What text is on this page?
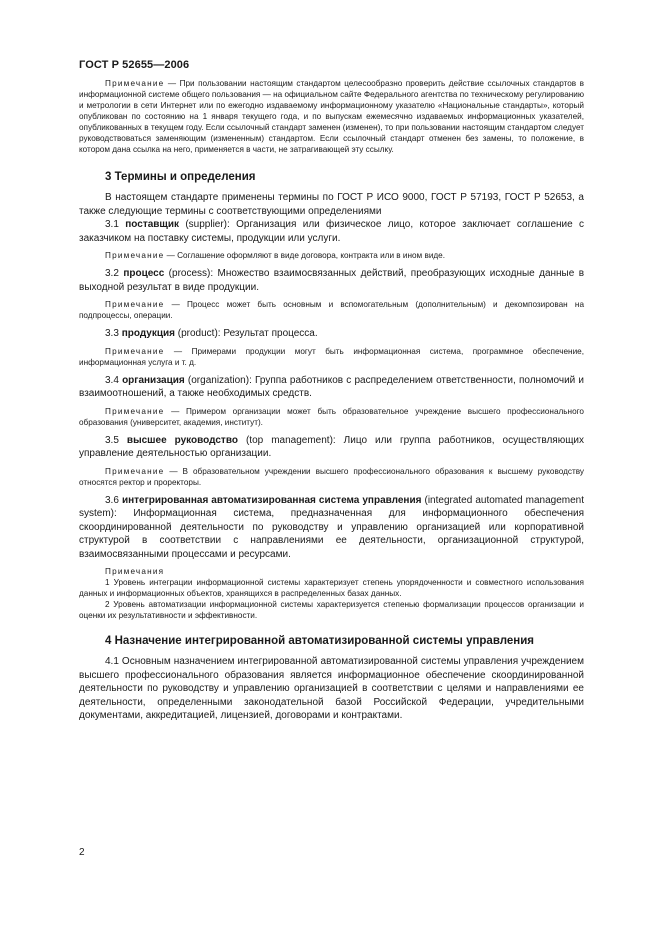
ГОСТ Р 52655—2006

Примечание — При пользовании настоящим стандартом целесообразно проверить действие ссылочных стандартов в информационной системе общего пользования — на официальном сайте Федерального агентства по техническому регулированию и метрологии в сети Интернет или по ежегодно издаваемому информационному указателю «Национальные стандарты», который опубликован по состоянию на 1 января текущего года, и по выпускам ежемесячно издаваемых информационных указателей, опубликованных в текущем году. Если ссылочный стандарт заменен (изменен), то при пользовании настоящим стандартом следует руководствоваться заменяющим (измененным) стандартом. Если ссылочный стандарт отменен без замены, то положение, в котором дана ссылка на него, применяется в части, не затрагивающей эту ссылку.

3 Термины и определения

В настоящем стандарте применены термины по ГОСТ Р ИСО 9000, ГОСТ Р 57193, ГОСТ Р 52653, а также следующие термины с соответствующими определениями

3.1 поставщик (supplier): Организация или физическое лицо, которое заключает соглашение с заказчиком на поставку системы, продукции или услуги.

Примечание — Соглашение оформляют в виде договора, контракта или в ином виде.

3.2 процесс (process): Множество взаимосвязанных действий, преобразующих исходные данные в выходной результат в виде продукции.

Примечание — Процесс может быть основным и вспомогательным (дополнительным) и декомпозирован на подпроцессы, операции.

3.3 продукция (product): Результат процесса.

Примечание — Примерами продукции могут быть информационная система, программное обеспечение, информационная услуга и т. д.

3.4 организация (organization): Группа работников с распределением ответственности, полномочий и взаимоотношений, а также необходимых средств.

Примечание — Примером организации может быть образовательное учреждение высшего профессионального образования (университет, академия, институт).

3.5 высшее руководство (top management): Лицо или группа работников, осуществляющих управление деятельностью организации.

Примечание — В образовательном учреждении высшего профессионального образования к высшему руководству относятся ректор и проректоры.

3.6 интегрированная автоматизированная система управления (integrated automated management system): Информационная система, предназначенная для информационного обеспечения скоординированной деятельности по руководству и управлению организацией или корпоративной структурой в соответствии с направлениями ее деятельности, организационной структурой, взаимосвязанными процессами и ресурсами.

Примечания

1 Уровень интеграции информационной системы характеризует степень упорядоченности и совместного использования данных и информационных объектов, хранящихся в распределенных базах данных.

2 Уровень автоматизации информационной системы характеризуется степенью формализации процессов организации и оценки их результативности и эффективности.

4 Назначение интегрированной автоматизированной системы управления

4.1 Основным назначением интегрированной автоматизированной системы управления учреждением высшего профессионального образования является информационное обеспечение скоординированной деятельности по руководству и управлению организацией в соответствии с целями и направлениями ее деятельности, определенными законодательной базой Российской Федерации, учредительными документами, аккредитацией, лицензией, договорами и контрактами.

2
